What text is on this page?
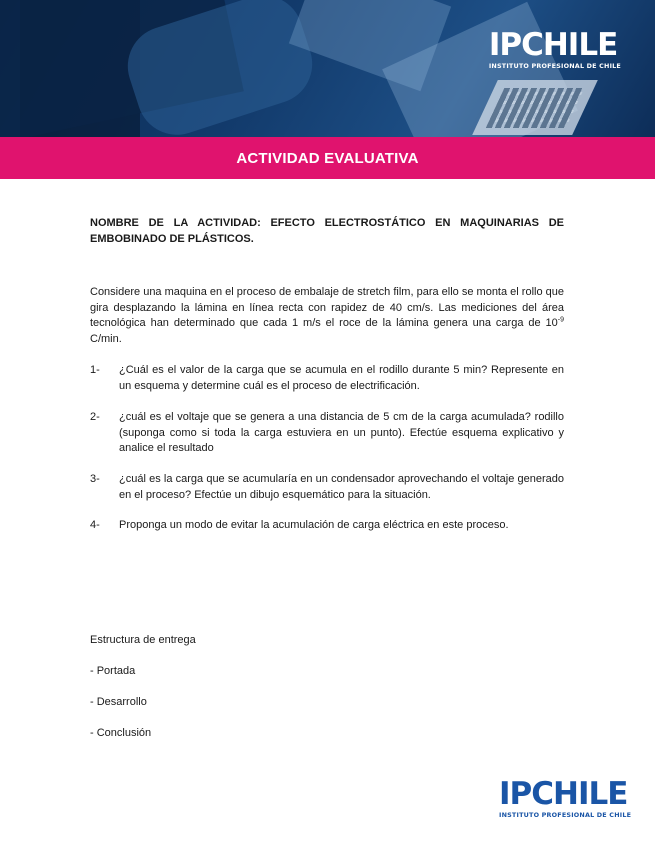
IPCHILE
INSTITUTO PROFESIONAL DE CHILE
ACTIVIDAD EVALUATIVA
NOMBRE DE LA ACTIVIDAD: EFECTO ELECTROSTÁTICO EN MAQUINARIAS DE EMBOBINADO DE PLÁSTICOS.
Considere una maquina en el proceso de embalaje de stretch film, para ello se monta el rollo que gira desplazando la lámina en línea recta con rapidez de 40 cm/s. Las mediciones del área tecnológica han determinado que cada 1 m/s el roce de la lámina genera una carga de $10^{-9}$ C/min.
1-	¿Cuál es el valor de la carga que se acumula en el rodillo durante 5 min? Represente en un esquema y determine cuál es el proceso de electrificación.
2-	¿cuál es el voltaje que se genera a una distancia de 5 cm de la carga acumulada? rodillo (suponga como si toda la carga estuviera en un punto). Efectúe esquema explicativo y analice el resultado
3-	¿cuál es la carga que se acumularía en un condensador aprovechando el voltaje generado en el proceso? Efectúe un dibujo esquemático para la situación.
4-	Proponga un modo de evitar la acumulación de carga eléctrica en este proceso.
Estructura de entrega
- Portada
- Desarrollo
- Conclusión
IPCHILE
INSTITUTO PROFESIONAL DE CHILE
